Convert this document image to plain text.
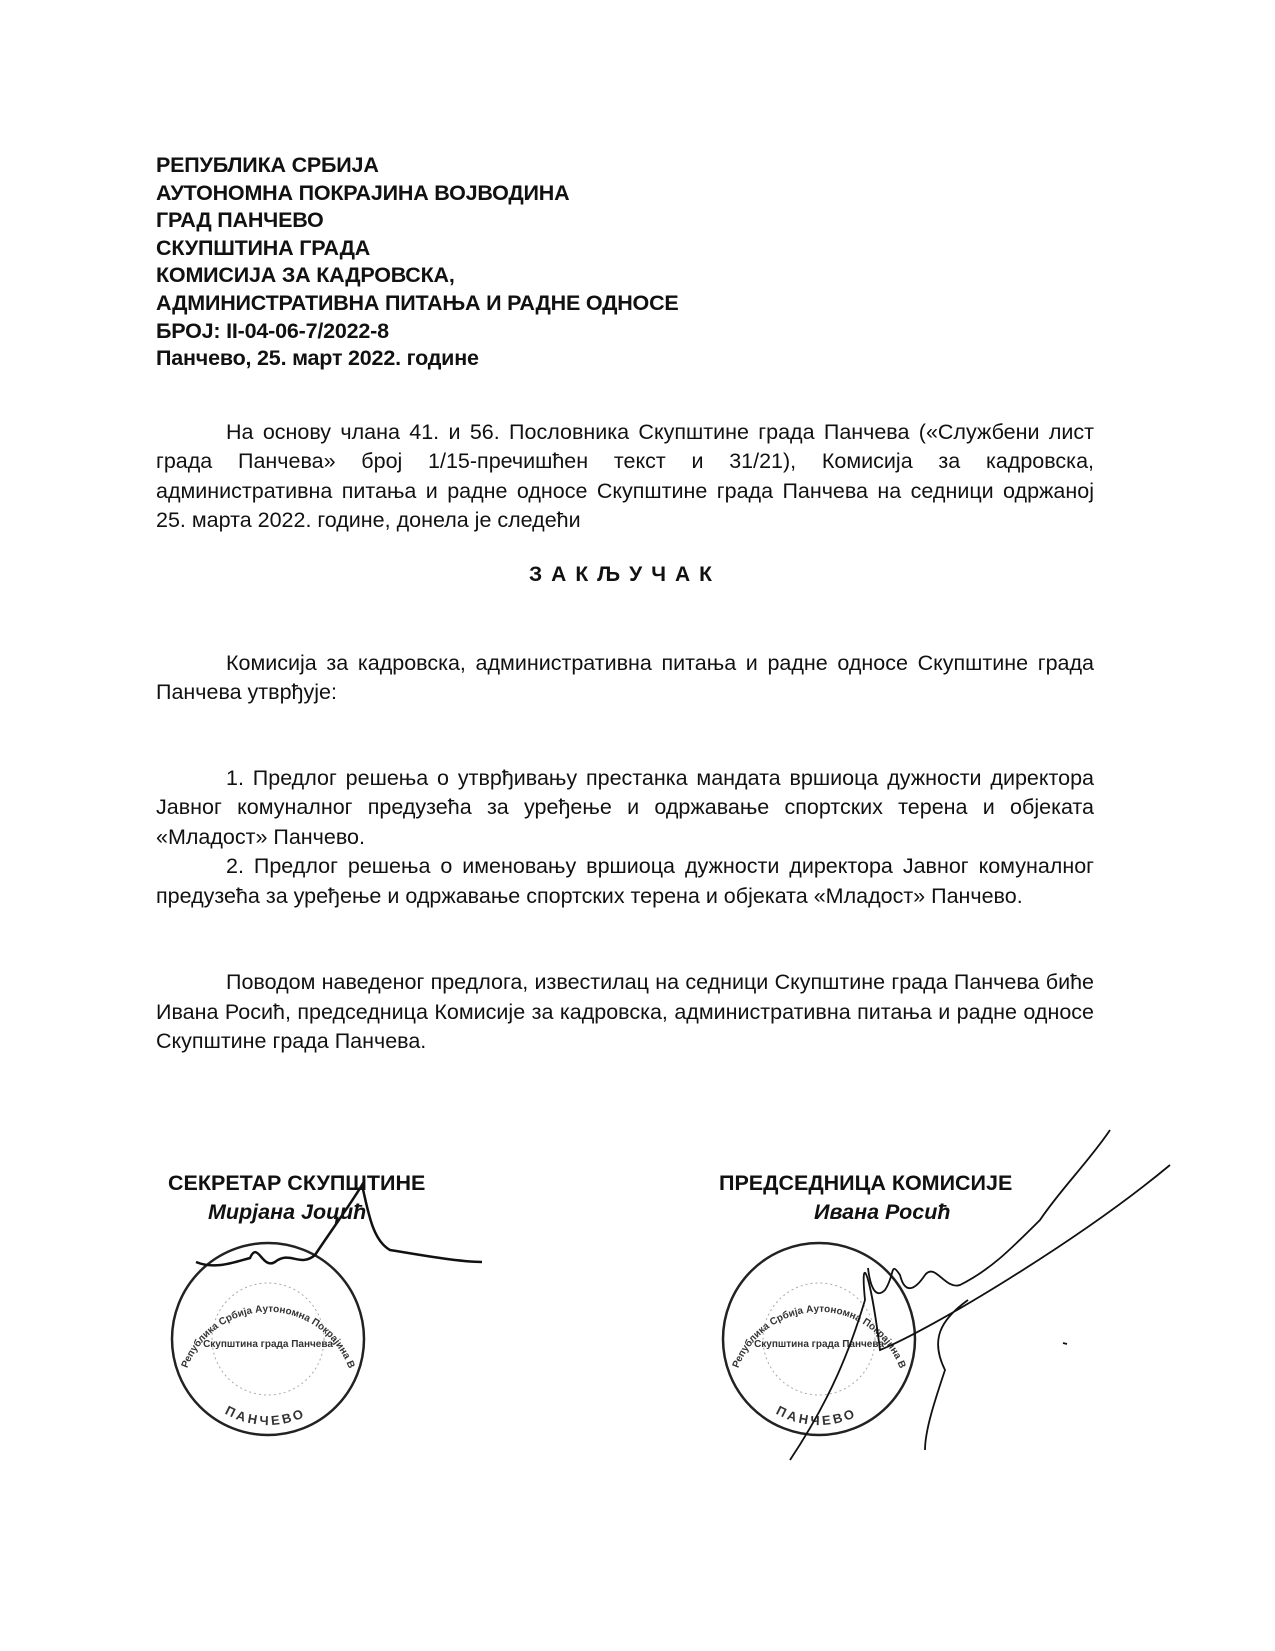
РЕПУБЛИКА СРБИЈА
АУТОНОМНА ПОКРАЈИНА ВОЈВОДИНА
ГРАД ПАНЧЕВО
СКУПШТИНА ГРАДА
КОМИСИЈА ЗА КАДРОВСКА,
АДМИНИСТРАТИВНА ПИТАЊА И РАДНЕ ОДНОСЕ
БРОЈ: II-04-06-7/2022-8
Панчево, 25. март 2022. године
На основу члана 41. и 56. Пословника Скупштине града Панчева («Службени лист града Панчева» број 1/15-пречишћен текст и 31/21), Комисија за кадровска, административна питања и радне односе Скупштине града Панчева на седници одржаној 25. марта 2022. године, донела је следећи
ЗАКЉУЧАК
Комисија за кадровска, административна питања и радне односе Скупштине града Панчева утврђује:
1. Предлог решења о утврђивању престанка мандата вршиоца дужности директора Јавног комуналног предузећа за уређење и одржавање спортских терена и објеката «Младост» Панчево.
2. Предлог решења о именовању вршиоца дужности директора Јавног комуналног предузећа за уређење и одржавање спортских терена и објеката «Младост» Панчево.
Поводом наведеног предлога, известилац на седници Скупштине града Панчева биће Ивана Росић, председница Комисије за кадровска, административна питања и радне односе Скупштине града Панчева.
СЕКРЕТАР СКУПШТИНЕ
Мирјана Јоцић
Република Србија Аутономна Покрајина Војводина
Скупштина града Панчева
ПАНЧЕВО
ПРЕДСЕДНИЦА КОМИСИЈЕ
Ивана Росић
Република Србија Аутономна Покрајина Војводина
Скупштина града Панчева
ПАНЧЕВО
